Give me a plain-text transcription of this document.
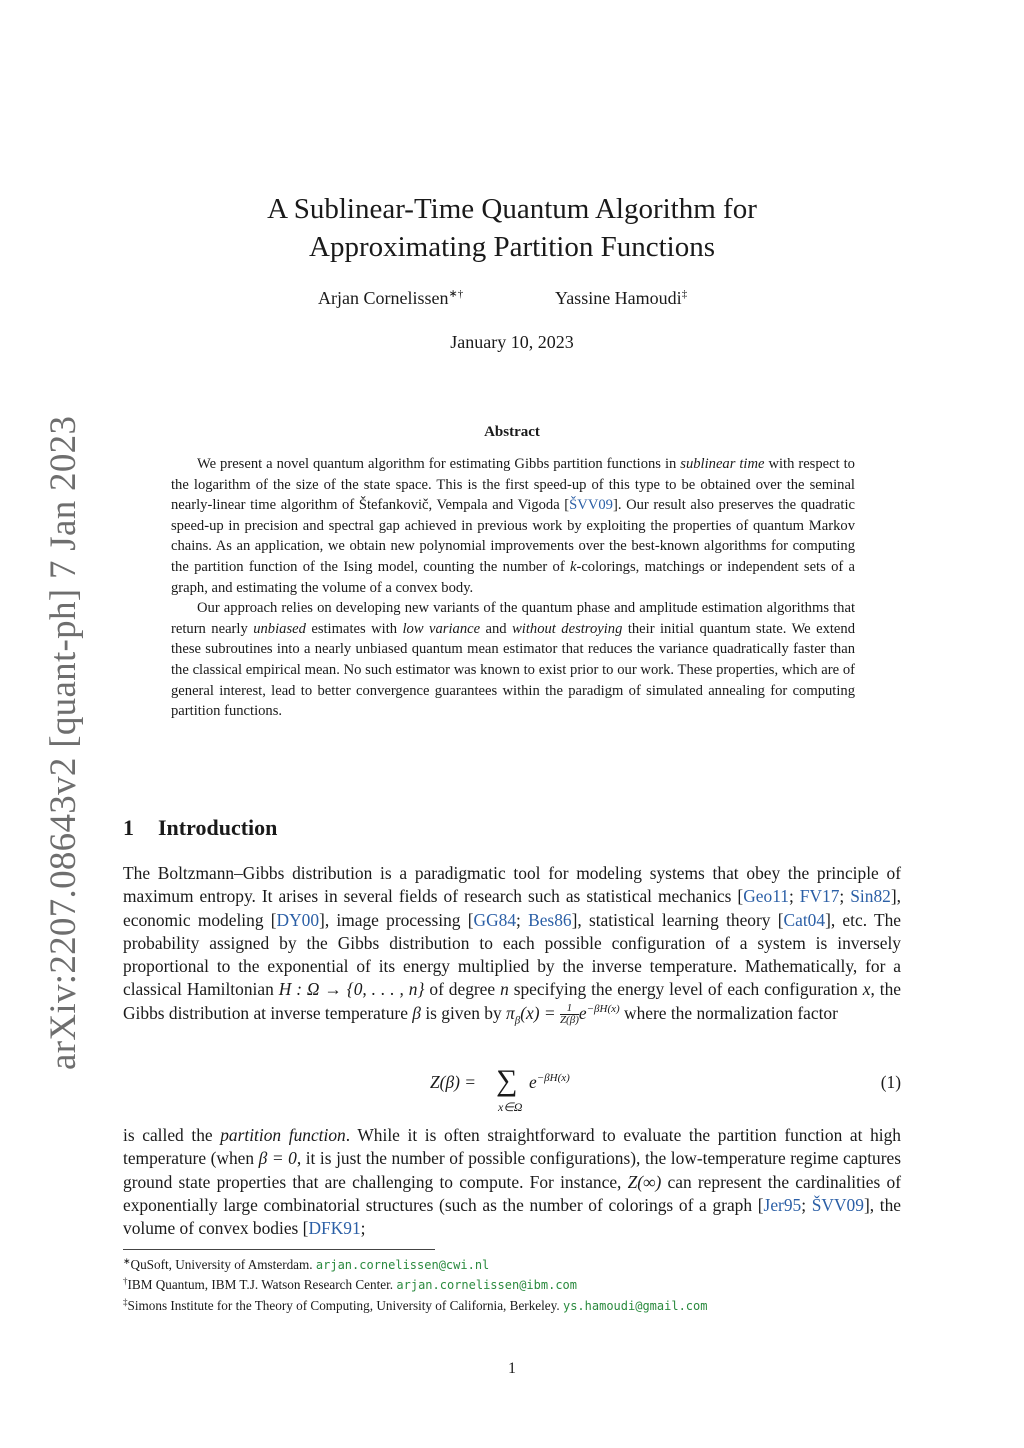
arXiv:2207.08643v2 [quant-ph] 7 Jan 2023
A Sublinear-Time Quantum Algorithm for
Approximating Partition Functions
Arjan Cornelissen∗†	Yassine Hamoudi‡
January 10, 2023
Abstract

We present a novel quantum algorithm for estimating Gibbs partition functions in sublinear time with respect to the logarithm of the size of the state space. This is the first speed-up of this type to be obtained over the seminal nearly-linear time algorithm of Štefankovič, Vempala and Vigoda [ŠVV09]. Our result also preserves the quadratic speed-up in precision and spectral gap achieved in previous work by exploiting the properties of quantum Markov chains. As an application, we obtain new polynomial improvements over the best-known algorithms for computing the partition function of the Ising model, counting the number of k-colorings, matchings or independent sets of a graph, and estimating the volume of a convex body.

Our approach relies on developing new variants of the quantum phase and amplitude estimation algorithms that return nearly unbiased estimates with low variance and without destroying their initial quantum state. We extend these subroutines into a nearly unbiased quantum mean estimator that reduces the variance quadratically faster than the classical empirical mean. No such estimator was known to exist prior to our work. These properties, which are of general interest, lead to better convergence guarantees within the paradigm of simulated annealing for computing partition functions.

1 Introduction

The Boltzmann–Gibbs distribution is a paradigmatic tool for modeling systems that obey the principle of maximum entropy. It arises in several fields of research such as statistical mechanics [Geo11; FV17; Sin82], economic modeling [DY00], image processing [GG84; Bes86], statistical learning theory [Cat04], etc. The probability assigned by the Gibbs distribution to each possible configuration of a system is inversely proportional to the exponential of its energy multiplied by the inverse temperature. Mathematically, for a classical Hamiltonian H : Ω → {0, . . . , n} of degree n specifying the energy level of each configuration x, the Gibbs distribution at inverse temperature β is given by $\pi_\beta(x) = \frac{1}{Z(\beta)} e^{-\beta H(x)}$ where the normalization factor

Z(β) = ∑
x∈Ω
$e^{-\beta H(x)}$	(1)

is called the partition function. While it is often straightforward to evaluate the partition function at high temperature (when β = 0, it is just the number of possible configurations), the low-temperature regime captures ground state properties that are challenging to compute. For instance, Z(∞) can represent the cardinalities of exponentially large combinatorial structures (such as the number of colorings of a graph [Jer95; ŠVV09], the volume of convex bodies [DFK91;

∗QuSoft, University of Amsterdam. arjan.cornelissen@cwi.nl
†IBM Quantum, IBM T.J. Watson Research Center. arjan.cornelissen@ibm.com
‡Simons Institute for the Theory of Computing, University of California, Berkeley. ys.hamoudi@gmail.com
1
